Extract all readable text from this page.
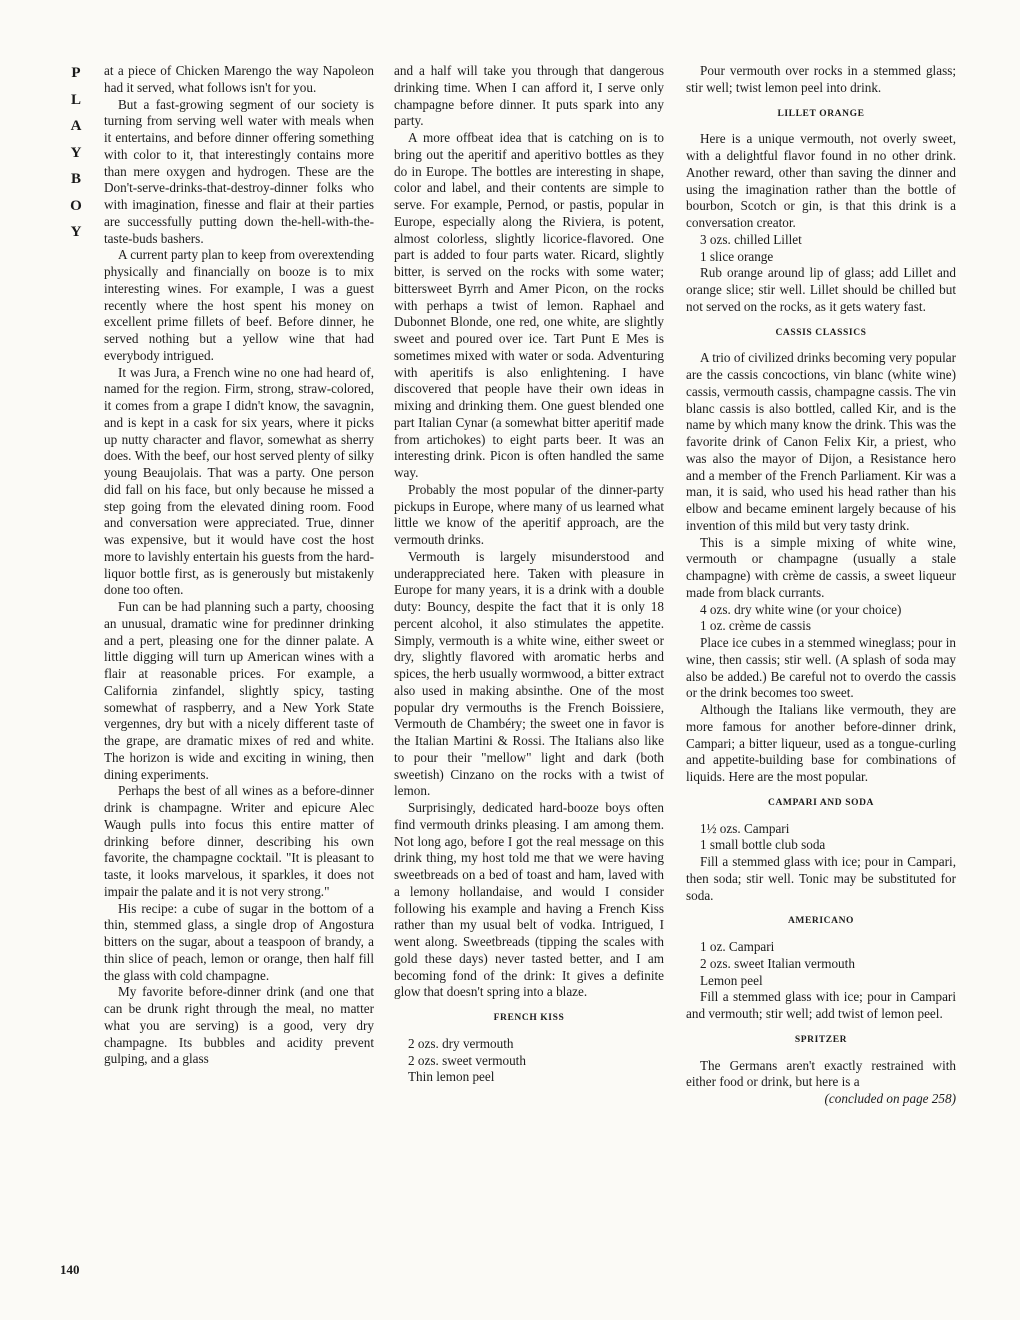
P
L
A
Y
B
O
Y
140

at a piece of Chicken Marengo the way Napoleon had it served, what follows isn't for you.

But a fast-growing segment of our society is turning from serving well water with meals when it entertains, and before dinner offering something with color to it, that interestingly contains more than mere oxygen and hydrogen. These are the Don't-serve-drinks-that-destroy-dinner folks who with imagination, finesse and flair at their parties are successfully putting down the-hell-with-the-taste-buds bashers.

A current party plan to keep from overextending physically and financially on booze is to mix interesting wines. For example, I was a guest recently where the host spent his money on excellent prime fillets of beef. Before dinner, he served nothing but a yellow wine that had everybody intrigued.

It was Jura, a French wine no one had heard of, named for the region. Firm, strong, straw-colored, it comes from a grape I didn't know, the savagnin, and is kept in a cask for six years, where it picks up nutty character and flavor, somewhat as sherry does. With the beef, our host served plenty of silky young Beaujolais. That was a party. One person did fall on his face, but only because he missed a step going from the elevated dining room. Food and conversation were appreciated. True, dinner was expensive, but it would have cost the host more to lavishly entertain his guests from the hard-liquor bottle first, as is generously but mistakenly done too often.

Fun can be had planning such a party, choosing an unusual, dramatic wine for predinner drinking and a pert, pleasing one for the dinner palate. A little digging will turn up American wines with a flair at reasonable prices. For example, a California zinfandel, slightly spicy, tasting somewhat of raspberry, and a New York State vergennes, dry but with a nicely different taste of the grape, are dramatic mixes of red and white. The horizon is wide and exciting in wining, then dining experiments.

Perhaps the best of all wines as a before-dinner drink is champagne. Writer and epicure Alec Waugh pulls into focus this entire matter of drinking before dinner, describing his own favorite, the champagne cocktail. "It is pleasant to taste, it looks marvelous, it sparkles, it does not impair the palate and it is not very strong."

His recipe: a cube of sugar in the bottom of a thin, stemmed glass, a single drop of Angostura bitters on the sugar, about a teaspoon of brandy, a thin slice of peach, lemon or orange, then half fill the glass with cold champagne.

My favorite before-dinner drink (and one that can be drunk right through the meal, no matter what you are serving) is a good, very dry champagne. Its bubbles and acidity prevent gulping, and a glass

and a half will take you through that dangerous drinking time. When I can afford it, I serve only champagne before dinner. It puts spark into any party.

A more offbeat idea that is catching on is to bring out the aperitif and aperitivo bottles as they do in Europe. The bottles are interesting in shape, color and label, and their contents are simple to serve. For example, Pernod, or pastis, popular in Europe, especially along the Riviera, is potent, almost colorless, slightly licorice-flavored. One part is added to four parts water. Ricard, slightly bitter, is served on the rocks with some water; bittersweet Byrrh and Amer Picon, on the rocks with perhaps a twist of lemon. Raphael and Dubonnet Blonde, one red, one white, are slightly sweet and poured over ice. Tart Punt E Mes is sometimes mixed with water or soda. Adventuring with aperitifs is also enlightening. I have discovered that people have their own ideas in mixing and drinking them. One guest blended one part Italian Cynar (a somewhat bitter aperitif made from artichokes) to eight parts beer. It was an interesting drink. Picon is often handled the same way.

Probably the most popular of the dinner-party pickups in Europe, where many of us learned what little we know of the aperitif approach, are the vermouth drinks.

Vermouth is largely misunderstood and underappreciated here. Taken with pleasure in Europe for many years, it is a drink with a double duty: Bouncy, despite the fact that it is only 18 percent alcohol, it also stimulates the appetite. Simply, vermouth is a white wine, either sweet or dry, slightly flavored with aromatic herbs and spices, the herb usually wormwood, a bitter extract also used in making absinthe. One of the most popular dry vermouths is the French Boissiere, Vermouth de Chambéry; the sweet one in favor is the Italian Martini & Rossi. The Italians also like to pour their "mellow" light and dark (both sweetish) Cinzano on the rocks with a twist of lemon.

Surprisingly, dedicated hard-booze boys often find vermouth drinks pleasing. I am among them. Not long ago, before I got the real message on this drink thing, my host told me that we were having sweetbreads on a bed of toast and ham, laved with a lemony hollandaise, and would I consider following his example and having a French Kiss rather than my usual belt of vodka. Intrigued, I went along. Sweetbreads (tipping the scales with gold these days) never tasted better, and I am becoming fond of the drink: It gives a definite glow that doesn't spring into a blaze.

FRENCH KISS

2 ozs. dry vermouth

2 ozs. sweet vermouth

Thin lemon peel

Pour vermouth over rocks in a stemmed glass; stir well; twist lemon peel into drink.

LILLET ORANGE

Here is a unique vermouth, not overly sweet, with a delightful flavor found in no other drink. Another reward, other than saving the dinner and using the imagination rather than the bottle of bourbon, Scotch or gin, is that this drink is a conversation creator.

3 ozs. chilled Lillet

1 slice orange

Rub orange around lip of glass; add Lillet and orange slice; stir well. Lillet should be chilled but not served on the rocks, as it gets watery fast.

CASSIS CLASSICS

A trio of civilized drinks becoming very popular are the cassis concoctions, vin blanc (white wine) cassis, vermouth cassis, champagne cassis. The vin blanc cassis is also bottled, called Kir, and is the name by which many know the drink. This was the favorite drink of Canon Felix Kir, a priest, who was also the mayor of Dijon, a Resistance hero and a member of the French Parliament. Kir was a man, it is said, who used his head rather than his elbow and became eminent largely because of his invention of this mild but very tasty drink.

This is a simple mixing of white wine, vermouth or champagne (usually a stale champagne) with crème de cassis, a sweet liqueur made from black currants.

4 ozs. dry white wine (or your choice)

1 oz. crème de cassis

Place ice cubes in a stemmed wineglass; pour in wine, then cassis; stir well. (A splash of soda may also be added.) Be careful not to overdo the cassis or the drink becomes too sweet.

Although the Italians like vermouth, they are more famous for another before-dinner drink, Campari; a bitter liqueur, used as a tongue-curling and appetite-building base for combinations of liquids. Here are the most popular.

CAMPARI AND SODA

1½ ozs. Campari

1 small bottle club soda

Fill a stemmed glass with ice; pour in Campari, then soda; stir well. Tonic may be substituted for soda.

AMERICANO

1 oz. Campari

2 ozs. sweet Italian vermouth

Lemon peel

Fill a stemmed glass with ice; pour in Campari and vermouth; stir well; add twist of lemon peel.

SPRITZER

The Germans aren't exactly restrained with either food or drink, but here is a

(concluded on page 258)
